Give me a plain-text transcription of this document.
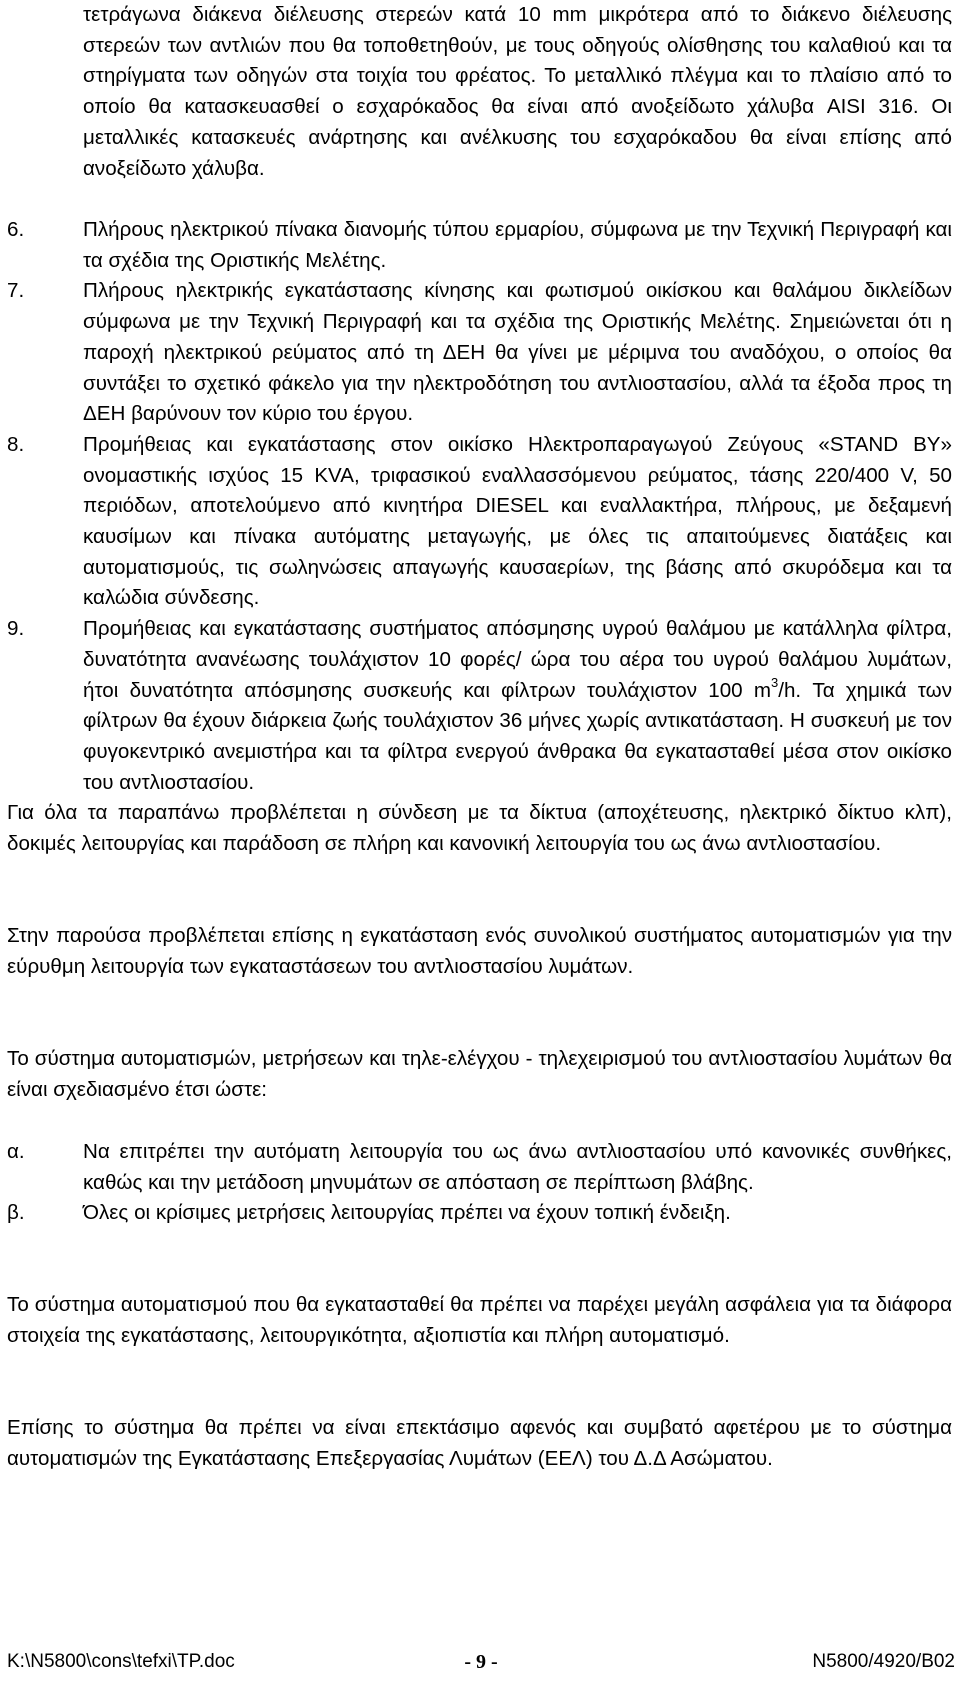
τετράγωνα διάκενα διέλευσης στερεών κατά 10 mm μικρότερα από το διάκενο διέλευσης στερεών των αντλιών που θα τοποθετηθούν, με τους οδηγούς ολίσθησης του καλαθιού και τα στηρίγματα των οδηγών στα τοιχία του φρέατος. Το μεταλλικό πλέγμα και το πλαίσιο από το οποίο θα κατασκευασθεί ο εσχαρόκαδος θα είναι από ανοξείδωτο χάλυβα AISI 316. Οι μεταλλικές κατασκευές ανάρτησης και ανέλκυσης του εσχαρόκαδου θα είναι επίσης από ανοξείδωτο χάλυβα.
6.	Πλήρους ηλεκτρικού πίνακα διανομής τύπου ερμαρίου, σύμφωνα με την Τεχνική Περιγραφή και τα σχέδια της Οριστικής Μελέτης.
7.	Πλήρους ηλεκτρικής εγκατάστασης κίνησης και φωτισμού οικίσκου και θαλάμου δικλείδων σύμφωνα με την Τεχνική Περιγραφή και τα σχέδια της Οριστικής Μελέτης. Σημειώνεται ότι η παροχή ηλεκτρικού ρεύματος από τη ΔΕΗ θα γίνει με μέριμνα του αναδόχου, ο οποίος θα συντάξει το σχετικό φάκελο για την ηλεκτροδότηση του αντλιοστασίου, αλλά τα έξοδα προς τη ΔΕΗ βαρύνουν τον κύριο του έργου.
8.	Προμήθειας και εγκατάστασης στον οικίσκο Ηλεκτροπαραγωγού Ζεύγους «STAND BY» ονομαστικής ισχύος 15 KVA, τριφασικού εναλλασσόμενου ρεύματος, τάσης 220/400 V, 50 περιόδων, αποτελούμενο από κινητήρα DIESEL και εναλλακτήρα, πλήρους, με δεξαμενή καυσίμων και πίνακα αυτόματης μεταγωγής, με όλες τις απαιτούμενες διατάξεις και αυτοματισμούς, τις σωληνώσεις απαγωγής καυσαερίων, της βάσης από σκυρόδεμα και τα καλώδια σύνδεσης.
9.	Προμήθειας και εγκατάστασης συστήματος απόσμησης υγρού θαλάμου με κατάλληλα φίλτρα, δυνατότητα ανανέωσης τουλάχιστον 10 φορές/ ώρα του αέρα του υγρού θαλάμου λυμάτων, ήτοι δυνατότητα απόσμησης συσκευής και φίλτρων τουλάχιστον 100 $m^3/h$. Τα χημικά των φίλτρων θα έχουν διάρκεια ζωής τουλάχιστον 36 μήνες χωρίς αντικατάσταση. Η συσκευή με τον φυγοκεντρικό ανεμιστήρα και τα φίλτρα ενεργού άνθρακα θα εγκατασταθεί μέσα στον οικίσκο του αντλιοστασίου.
Για όλα τα παραπάνω προβλέπεται η σύνδεση με τα δίκτυα (αποχέτευσης, ηλεκτρικό δίκτυο κλπ), δοκιμές λειτουργίας και παράδοση σε πλήρη και κανονική λειτουργία του ως άνω αντλιοστασίου.
Στην παρούσα προβλέπεται επίσης η εγκατάσταση ενός συνολικού συστήματος αυτοματισμών για την εύρυθμη λειτουργία των εγκαταστάσεων του αντλιοστασίου λυμάτων.
Το σύστημα αυτοματισμών, μετρήσεων και τηλε-ελέγχου - τηλεχειρισμού του αντλιοστασίου λυμάτων θα είναι σχεδιασμένο έτσι ώστε:
α.	Να επιτρέπει την αυτόματη λειτουργία του ως άνω αντλιοστασίου υπό κανονικές συνθήκες, καθώς και την μετάδοση μηνυμάτων σε απόσταση σε περίπτωση βλάβης.
β.	Όλες οι κρίσιμες μετρήσεις λειτουργίας πρέπει να έχουν τοπική ένδειξη.
Το σύστημα αυτοματισμού που θα εγκατασταθεί θα πρέπει να παρέχει μεγάλη ασφάλεια για τα διάφορα στοιχεία της εγκατάστασης, λειτουργικότητα, αξιοπιστία και πλήρη αυτοματισμό.
Επίσης το σύστημα θα πρέπει να είναι επεκτάσιμο αφενός και συμβατό αφετέρου με το σύστημα αυτοματισμών της Εγκατάστασης Επεξεργασίας Λυμάτων (ΕΕΛ) του Δ.Δ Ασώματου.
K:\N5800\cons\tefxi\TP.doc	- 9 -	N5800/4920/B02
